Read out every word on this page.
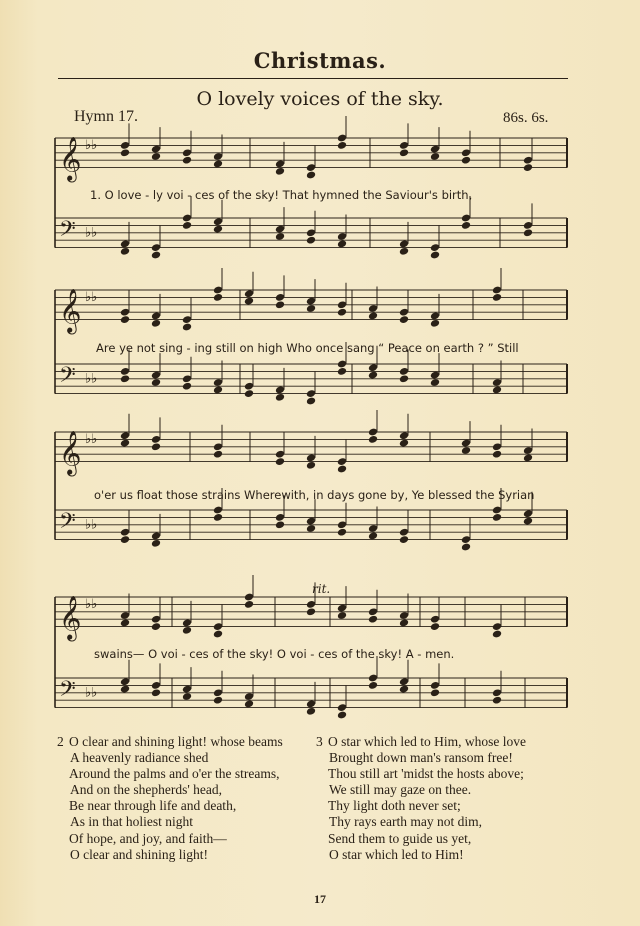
Christmas.
O lovely voices of the sky.
Hymn 17.	86s. 6s.
𝄞 ♭♭
𝄢 ♭♭
𝄞 ♭♭
𝄢 ♭♭
𝄞 ♭♭
𝄢 ♭♭
𝄞 ♭♭
𝄢 ♭♭
1. O love - ly voi - ces of the sky! That hymned the Saviour's birth,
Are ye not sing - ing still on high Who once sang “ Peace on earth ? ” Still
o'er us float those strains Wherewith, in days gone by, Ye blessed the Syrian
swains— O voi - ces of the sky! O voi - ces of the sky! A - men.
rit.
2 O clear and shining light! whose beams
A heavenly radiance shed
Around the palms and o'er the streams,
And on the shepherds' head,
Be near through life and death,
As in that holiest night
Of hope, and joy, and faith—
O clear and shining light!
3 O star which led to Him, whose love
Brought down man's ransom free!
Thou still art 'midst the hosts above;
We still may gaze on thee.
Thy light doth never set;
Thy rays earth may not dim,
Send them to guide us yet,
O star which led to Him!
17
